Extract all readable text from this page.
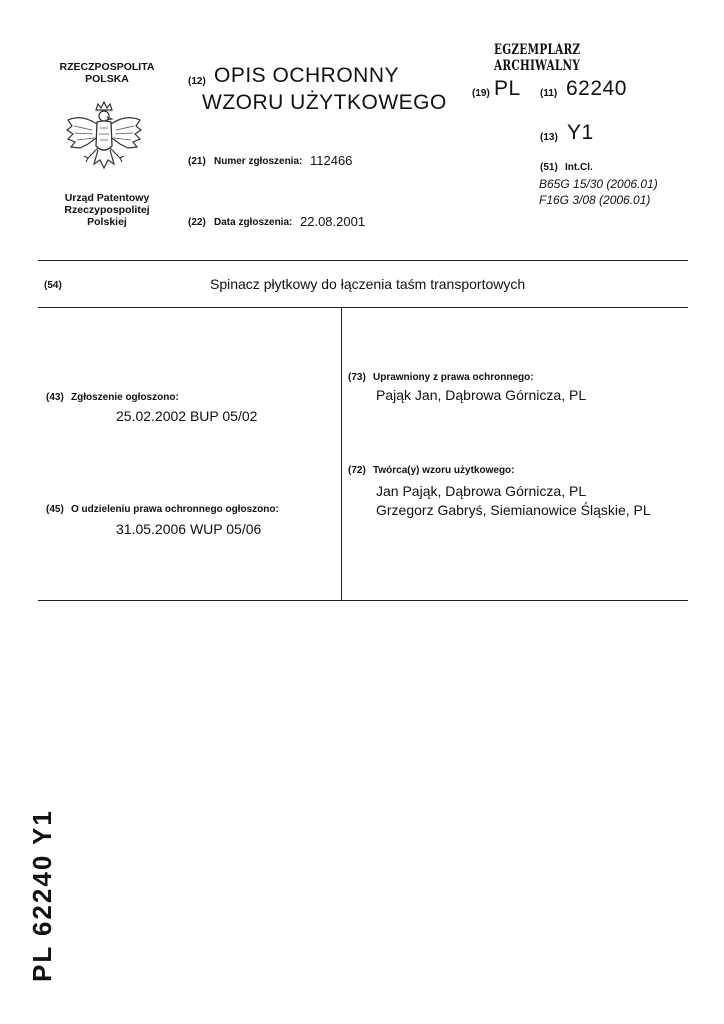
EGZEMPLARZ ARCHIWALNY
RZECZPOSPOLITA
POLSKA
Urząd Patentowy
Rzeczypospolitej
Polskiej
(12) OPIS OCHRONNY
WZORU UŻYTKOWEGO	(19) PL (11) 62240
(13) Y1
(51) Int.Cl.
B65G 15/30 (2006.01)
F16G 3/08 (2006.01)
(21) Numer zgłoszenia: 112466
(22) Data zgłoszenia: 22.08.2001
(54)	Spinacz płytkowy do łączenia taśm transportowych
(43) Zgłoszenie ogłoszono:
25.02.2002 BUP 05/02
(45) O udzieleniu prawa ochronnego ogłoszono:
31.05.2006 WUP 05/06
(73) Uprawniony z prawa ochronnego:
Pająk Jan, Dąbrowa Górnicza, PL
(72) Twórca(y) wzoru użytkowego:
Jan Pająk, Dąbrowa Górnicza, PL
Grzegorz Gabryś, Siemianowice Śląskie, PL
PL 62240 Y1
